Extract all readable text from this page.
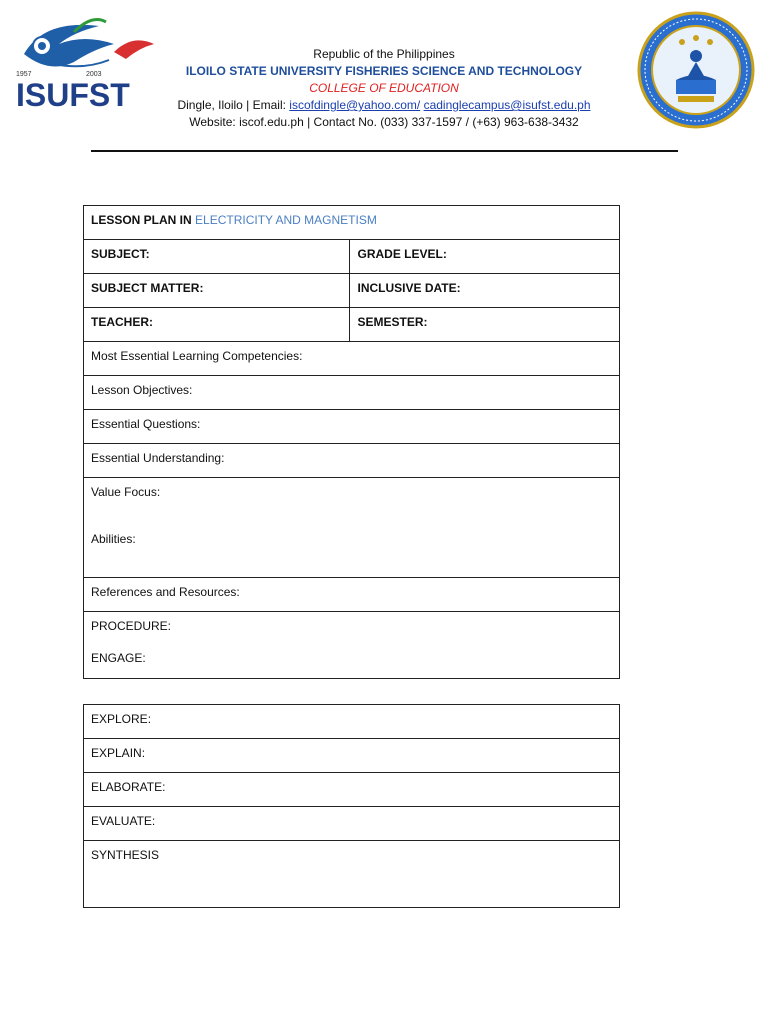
1957	2003
ISUFST
Republic of the Philippines
ILOILO STATE UNIVERSITY FISHERIES SCIENCE AND TECHNOLOGY
COLLEGE OF EDUCATION
Dingle, Iloilo | Email: iscofdingle@yahoo.com/ cadinglecampus@isufst.edu.ph
Website: iscof.edu.ph | Contact No. (033) 337-1597 / (+63) 963-638-3432
LESSON PLAN IN ELECTRICITY AND MAGNETISM	
SUBJECT:	GRADE LEVEL:
SUBJECT MATTER:	INCLUSIVE DATE:
TEACHER:	SEMESTER:
Most Essential Learning Competencies:	
Lesson Objectives:	
Essential Questions:	
Essential Understanding:	

Value Focus:
Abilities:	

References and Resources:	

PROCEDURE:
ENGAGE:	
EXPLORE:
EXPLAIN:
ELABORATE:
EVALUATE:
SYNTHESIS
